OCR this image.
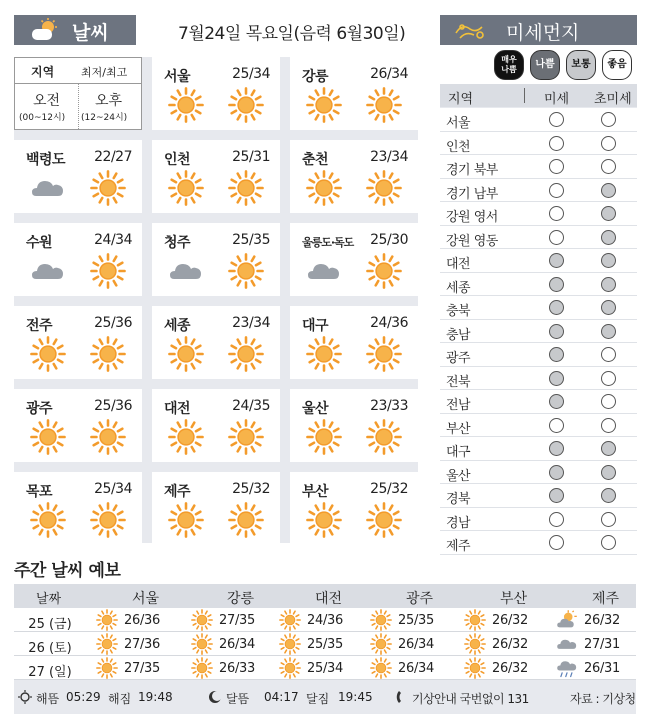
날씨	7월24일 목요일(음력 6월30일)	미세먼지
서울	25/34 강릉	26/34
백령도 22/27 인천	25/31 춘천	23/34
수원	24/34 청주	25/35	울릉도·독도 25/30
전주	25/36 세종	23/34 대구	24/36
광주	25/36 대전	24/35 울산	23/33
목포	25/34 제주	25/32 부산	25/32
지역 최저/최고
오전
(00~12시)
오후
(12~24시)
매우
나쁨	나쁨	보통	좋음
지역	미세 초미세
서울
인천
경기 북부
경기 남부
강원 영서
강원 영동
대전
세종
충북
충남
광주
전북
전남
부산
대구
울산
경북
경남
제주
주간 날씨 예보
날짜	서울	강릉	대전	광주	부산	제주
25 (금)	26/36	27/35	24/36	25/35	26/32	26/32
26 (토)	27/36	26/34	25/35	26/34	26/32	27/31
27 (일)	27/35	26/33	25/34	26/34	26/32	26/31
해뜸 05:29 해짐 19:48	달뜸 04:17 달짐 19:45	기상안내 국번없이 131	자료 : 기상청
